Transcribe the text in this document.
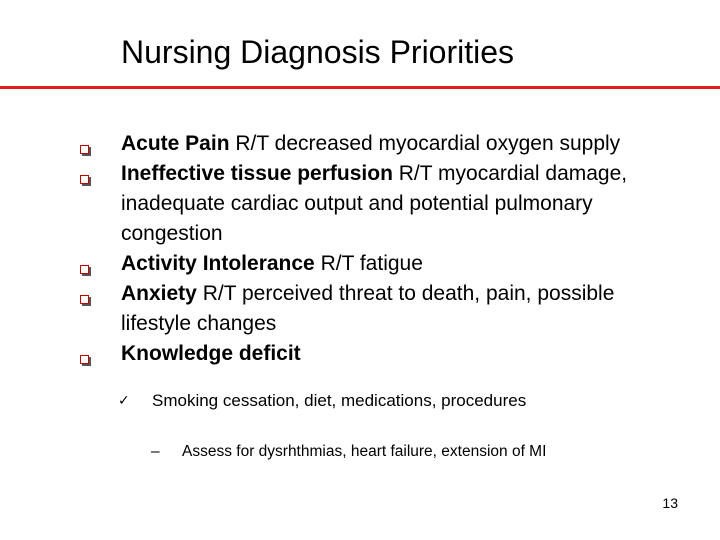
Nursing Diagnosis Priorities
Acute Pain R/T decreased myocardial oxygen supply
Ineffective tissue perfusion R/T myocardial damage, inadequate cardiac output and potential pulmonary congestion
Activity Intolerance R/T fatigue
Anxiety R/T perceived threat to death, pain, possible lifestyle changes
Knowledge deficit
✓ Smoking cessation, diet, medications, procedures
– Assess for dysrhthmias, heart failure, extension of MI
13
